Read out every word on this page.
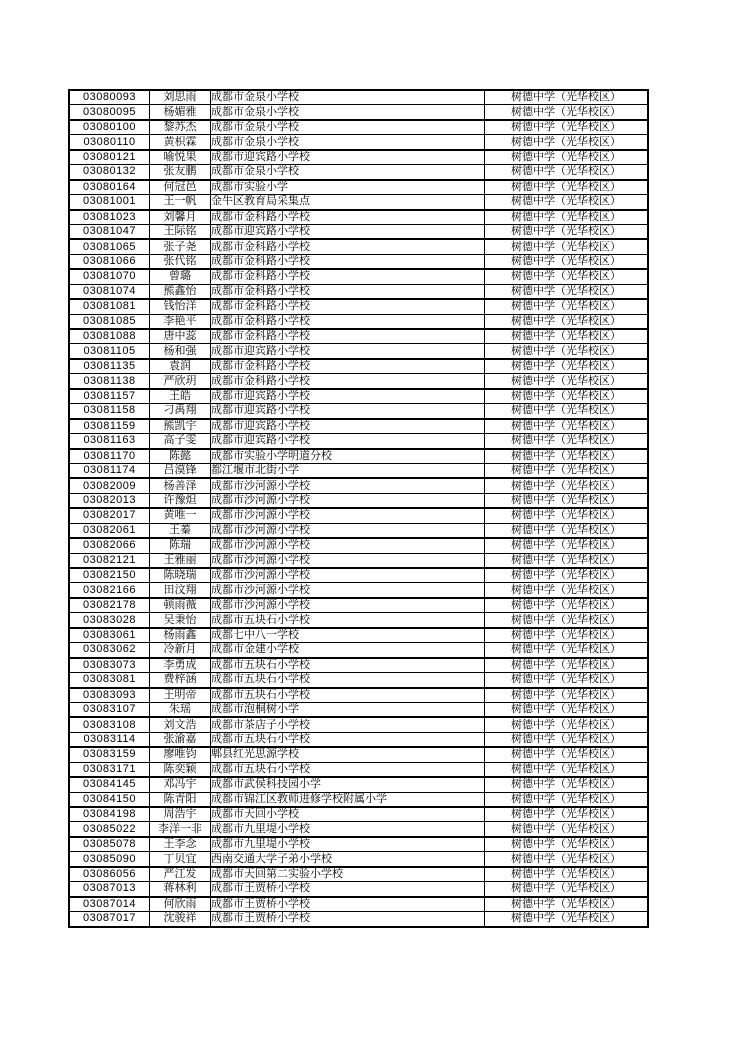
03080093	刘思雨	成都市金泉小学校	树德中学（光华校区）
03080095	杨媚雅	成都市金泉小学校	树德中学（光华校区）
03080100	黎苏杰	成都市金泉小学校	树德中学（光华校区）
03080110	黄枳霖	成都市金泉小学校	树德中学（光华校区）
03080121	喻悦果	成都市迎宾路小学校	树德中学（光华校区）
03080132	张友鹏	成都市金泉小学校	树德中学（光华校区）
03080164	何冠邑	成都市实验小学	树德中学（光华校区）
03081001	王一帆	金牛区教育局采集点	树德中学（光华校区）
03081023	刘馨月	成都市金科路小学校	树德中学（光华校区）
03081047	王际铭	成都市迎宾路小学校	树德中学（光华校区）
03081065	张子尧	成都市金科路小学校	树德中学（光华校区）
03081066	张代铭	成都市金科路小学校	树德中学（光华校区）
03081070	曾璐	成都市金科路小学校	树德中学（光华校区）
03081074	熊鑫怡	成都市金科路小学校	树德中学（光华校区）
03081081	钱怡洋	成都市金科路小学校	树德中学（光华校区）
03081085	李艳平	成都市金科路小学校	树德中学（光华校区）
03081088	唐中蕊	成都市金科路小学校	树德中学（光华校区）
03081105	杨和强	成都市迎宾路小学校	树德中学（光华校区）
03081135	袁润	成都市金科路小学校	树德中学（光华校区）
03081138	严欣玥	成都市金科路小学校	树德中学（光华校区）
03081157	王皓	成都市迎宾路小学校	树德中学（光华校区）
03081158	刁禹翔	成都市迎宾路小学校	树德中学（光华校区）
03081159	熊凯宇	成都市迎宾路小学校	树德中学（光华校区）
03081163	高子雯	成都市迎宾路小学校	树德中学（光华校区）
03081170	陈懿	成都市实验小学明道分校	树德中学（光华校区）
03081174	吕漠锋	都江堰市北街小学	树德中学（光华校区）
03082009	杨善泽	成都市沙河源小学校	树德中学（光华校区）
03082013	许豫炟	成都市沙河源小学校	树德中学（光华校区）
03082017	黄唯一	成都市沙河源小学校	树德中学（光华校区）
03082061	王蓁	成都市沙河源小学校	树德中学（光华校区）
03082066	陈瑞	成都市沙河源小学校	树德中学（光华校区）
03082121	王雅丽	成都市沙河源小学校	树德中学（光华校区）
03082150	陈晓瑞	成都市沙河源小学校	树德中学（光华校区）
03082166	田汶翔	成都市沙河源小学校	树德中学（光华校区）
03082178	顿雨薇	成都市沙河源小学校	树德中学（光华校区）
03083028	吴秉怡	成都市五块石小学校	树德中学（光华校区）
03083061	杨雨鑫	成都七中八一学校	树德中学（光华校区）
03083062	冷新月	成都市金建小学校	树德中学（光华校区）
03083073	李勇成	成都市五块石小学校	树德中学（光华校区）
03083081	费梓涵	成都市五块石小学校	树德中学（光华校区）
03083093	王明帝	成都市五块石小学校	树德中学（光华校区）
03083107	朱瑶	成都市泡桐树小学	树德中学（光华校区）
03083108	刘文浩	成都市茶店子小学校	树德中学（光华校区）
03083114	张渝嘉	成都市五块石小学校	树德中学（光华校区）
03083159	廖唯钧	郫县红光思源学校	树德中学（光华校区）
03083171	陈奕颖	成都市五块石小学校	树德中学（光华校区）
03084145	邓冯宇	成都市武侯科技园小学	树德中学（光华校区）
03084150	陈青阳	成都市锦江区教师进修学校附属小学	树德中学（光华校区）
03084198	周浩宇	成都市天回小学校	树德中学（光华校区）
03085022	李洋一非	成都市九里堤小学校	树德中学（光华校区）
03085078	王李念	成都市九里堤小学校	树德中学（光华校区）
03085090	丁贝宜	西南交通大学子弟小学校	树德中学（光华校区）
03086056	严江发	成都市天回第二实验小学校	树德中学（光华校区）
03087013	蒋林利	成都市王贾桥小学校	树德中学（光华校区）
03087014	何欣雨	成都市王贾桥小学校	树德中学（光华校区）
03087017	沈骏祥	成都市王贾桥小学校	树德中学（光华校区）
